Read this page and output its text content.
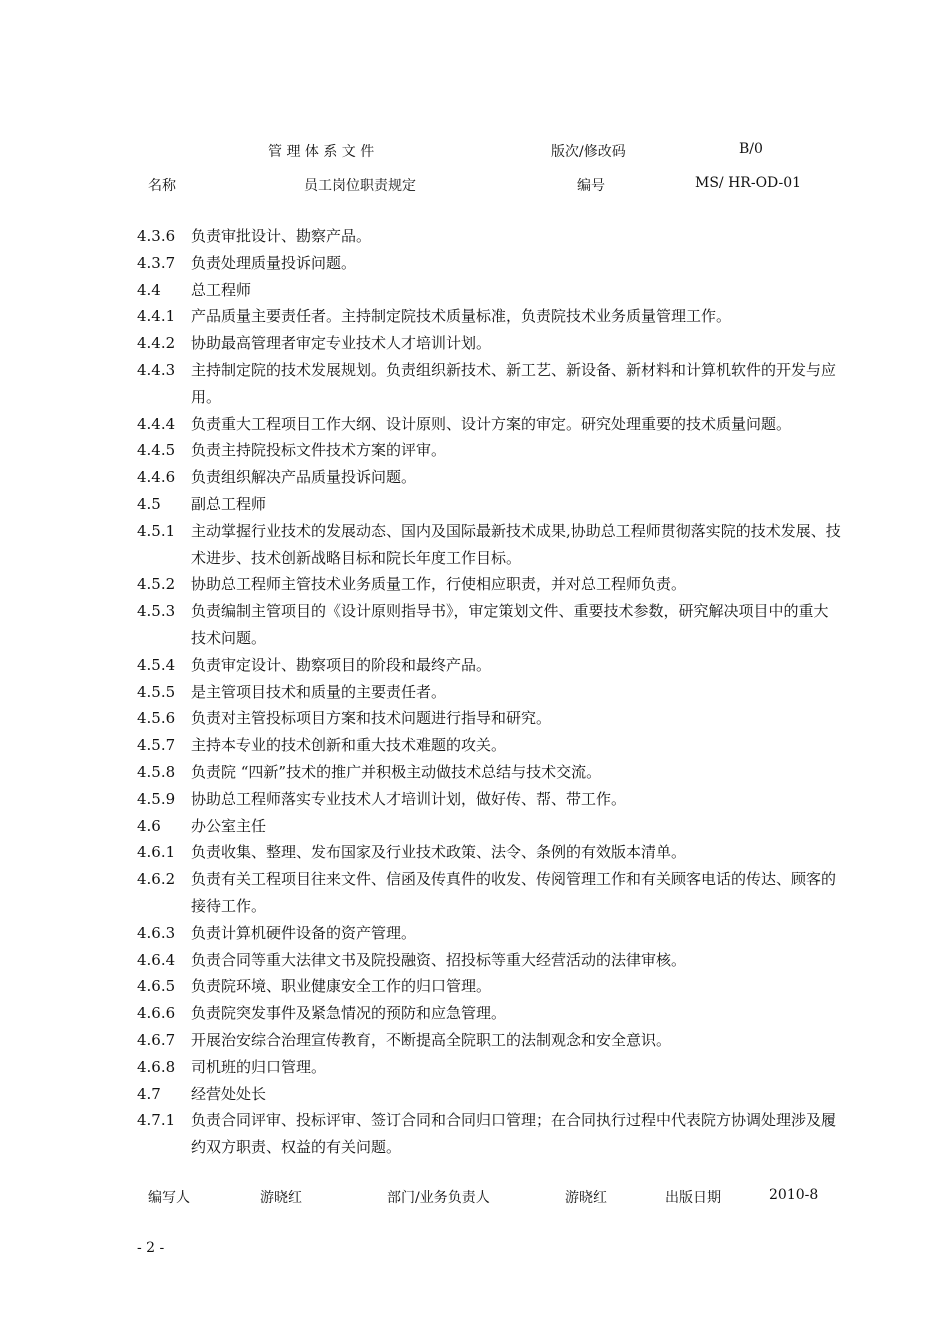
管 理 体 系 文 件	版次/修改码	B/0
名称	员工岗位职责规定	编号	MS/ HR-OD-01
4.3.6	负责审批设计、勘察产品。
4.3.7	负责处理质量投诉问题。
4.4	总工程师
4.4.1	产品质量主要责任者。主持制定院技术质量标准，负责院技术业务质量管理工作。
4.4.2	协助最高管理者审定专业技术人才培训计划。
4.4.3	主持制定院的技术发展规划。负责组织新技术、新工艺、新设备、新材料和计算机软件的开发与应用。
4.4.4	负责重大工程项目工作大纲、设计原则、设计方案的审定。研究处理重要的技术质量问题。
4.4.5	负责主持院投标文件技术方案的评审。
4.4.6	负责组织解决产品质量投诉问题。
4.5	副总工程师
4.5.1	主动掌握行业技术的发展动态、国内及国际最新技术成果,协助总工程师贯彻落实院的技术发展、技术进步、技术创新战略目标和院长年度工作目标。
4.5.2	协助总工程师主管技术业务质量工作，行使相应职责，并对总工程师负责。
4.5.3	负责编制主管项目的《设计原则指导书》，审定策划文件、重要技术参数，研究解决项目中的重大技术问题。
4.5.4	负责审定设计、勘察项目的阶段和最终产品。
4.5.5	是主管项目技术和质量的主要责任者。
4.5.6	负责对主管投标项目方案和技术问题进行指导和研究。
4.5.7	主持本专业的技术创新和重大技术难题的攻关。
4.5.8	负责院 “四新”技术的推广并积极主动做技术总结与技术交流。
4.5.9	协助总工程师落实专业技术人才培训计划，做好传、帮、带工作。
4.6	办公室主任
4.6.1	负责收集、整理、发布国家及行业技术政策、法令、条例的有效版本清单。
4.6.2	负责有关工程项目往来文件、信函及传真件的收发、传阅管理工作和有关顾客电话的传达、顾客的接待工作。
4.6.3	负责计算机硬件设备的资产管理。
4.6.4	负责合同等重大法律文书及院投融资、招投标等重大经营活动的法律审核。
4.6.5	负责院环境、职业健康安全工作的归口管理。
4.6.6	负责院突发事件及紧急情况的预防和应急管理。
4.6.7	开展治安综合治理宣传教育，不断提高全院职工的法制观念和安全意识。
4.6.8	司机班的归口管理。
4.7	经营处处长
4.7.1	负责合同评审、投标评审、签订合同和合同归口管理；在合同执行过程中代表院方协调处理涉及履约双方职责、权益的有关问题。
编写人	游晓红	部门/业务负责人	游晓红	出版日期	2010-8
- 2 -
